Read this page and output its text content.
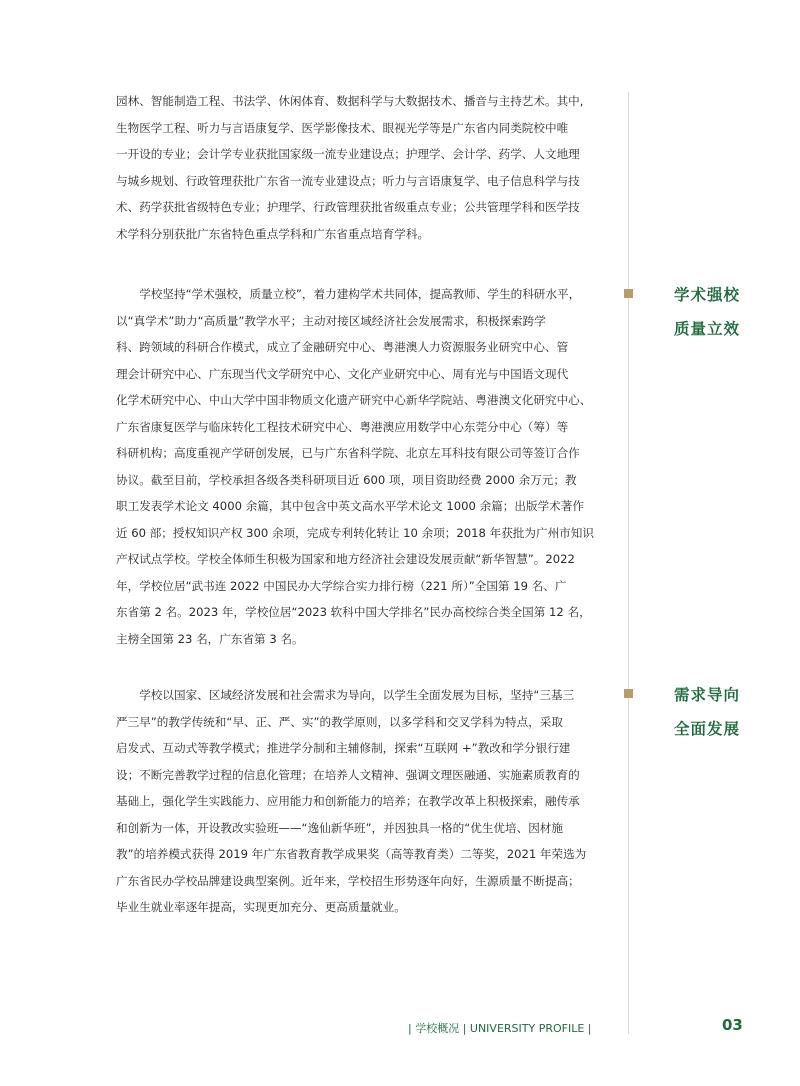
园林、智能制造工程、书法学、休闲体育、数据科学与大数据技术、播音与主持艺术。其中,
生物医学工程、听力与言语康复学、医学影像技术、眼视光学等是广东省内同类院校中唯
一开设的专业；会计学专业获批国家级一流专业建设点；护理学、会计学、药学、人文地理
与城乡规划、行政管理获批广东省一流专业建设点；听力与言语康复学、电子信息科学与技
术、药学获批省级特色专业；护理学、行政管理获批省级重点专业；公共管理学科和医学技
术学科分别获批广东省特色重点学科和广东省重点培育学科。

学校坚持“学术强校，质量立校”，着力建构学术共同体，提高教师、学生的科研水平，
以“真学术”助力“高质量”教学水平；主动对接区域经济社会发展需求，积极探索跨学
科、跨领域的科研合作模式，成立了金融研究中心、粤港澳人力资源服务业研究中心、管
理会计研究中心、广东现当代文学研究中心、文化产业研究中心、周有光与中国语文现代
化学术研究中心、中山大学中国非物质文化遗产研究中心新华学院站、粤港澳文化研究中心、
广东省康复医学与临床转化工程技术研究中心、粤港澳应用数学中心东莞分中心（筹）等
科研机构；高度重视产学研创发展，已与广东省科学院、北京左耳科技有限公司等签订合作
协议。截至目前，学校承担各级各类科研项目近 600 项，项目资助经费 2000 余万元；教
职工发表学术论文 4000 余篇，其中包含中英文高水平学术论文 1000 余篇；出版学术著作
近 60 部；授权知识产权 300 余项，完成专利转化转让 10 余项；2018 年获批为广州市知识
产权试点学校。学校全体师生积极为国家和地方经济社会建设发展贡献“新华智慧”。2022
年，学校位居“武书连 2022 中国民办大学综合实力排行榜（221 所）”全国第 19 名、广
东省第 2 名。2023 年，学校位居“2023 软科中国大学排名”民办高校综合类全国第 12 名，
主榜全国第 23 名，广东省第 3 名。

学校以国家、区域经济发展和社会需求为导向，以学生全面发展为目标，坚持“三基三
严三早”的教学传统和“早、正、严、实”的教学原则，以多学科和交叉学科为特点，采取
启发式、互动式等教学模式；推进学分制和主辅修制，探索“互联网 +”教改和学分银行建
设；不断完善教学过程的信息化管理；在培养人文精神、强调文理医融通、实施素质教育的
基础上，强化学生实践能力、应用能力和创新能力的培养；在教学改革上积极探索，融传承
和创新为一体，开设教改实验班——“逸仙新华班”，并因独具一格的“优生优培、因材施
教”的培养模式获得 2019 年广东省教育教学成果奖（高等教育类）二等奖，2021 年荣选为
广东省民办学校品牌建设典型案例。近年来，学校招生形势逐年向好，生源质量不断提高；
毕业生就业率逐年提高，实现更加充分、更高质量就业。

学术强校
质量立效
需求导向
全面发展
| 学校概况 | UNIVERSITY PROFILE |	03
